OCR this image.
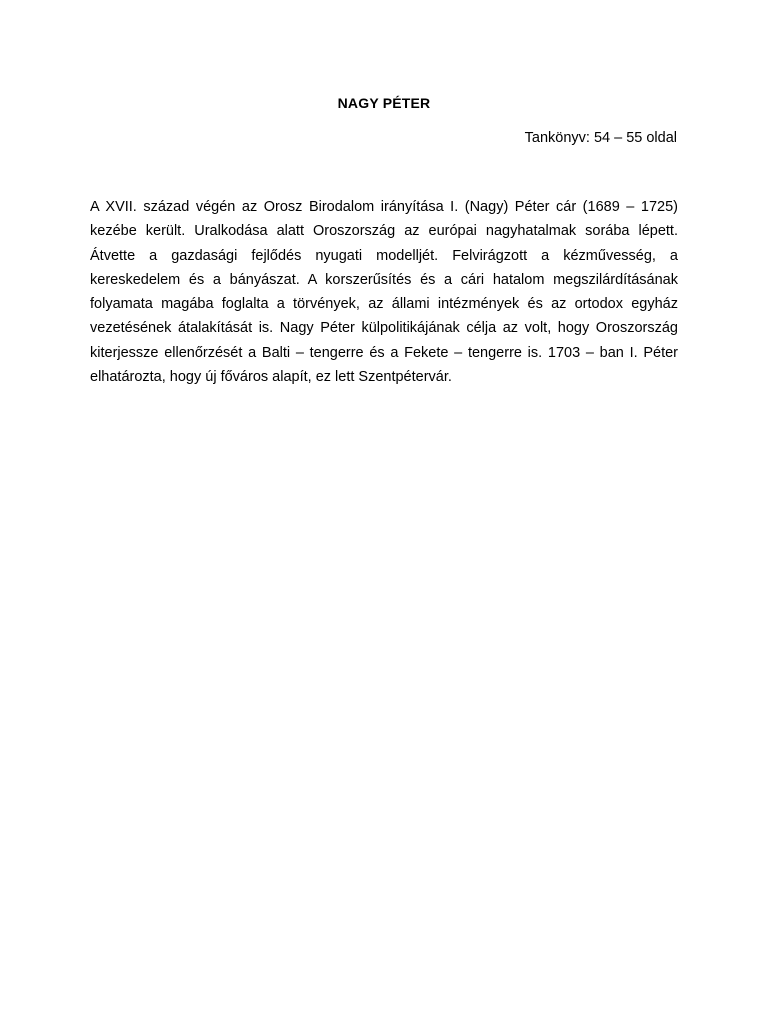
NAGY PÉTER
Tankönyv: 54 – 55 oldal

A XVII. század végén az Orosz Birodalom irányítása I. (Nagy) Péter cár (1689 – 1725) kezébe került. Uralkodása alatt Oroszország az európai nagyhatalmak sorába lépett. Átvette a gazdasági fejlődés nyugati modelljét. Felvirágzott a kézművesség, a kereskedelem és a bányászat. A korszerűsítés és a cári hatalom megszilárdításának folyamata magába foglalta a törvények, az állami intézmények és az ortodox egyház vezetésének átalakítását is. Nagy Péter külpolitikájának célja az volt, hogy Oroszország kiterjessze ellenőrzését a Balti – tengerre és a Fekete – tengerre is. 1703 – ban I. Péter elhatározta, hogy új főváros alapít, ez lett Szentpétervár.
